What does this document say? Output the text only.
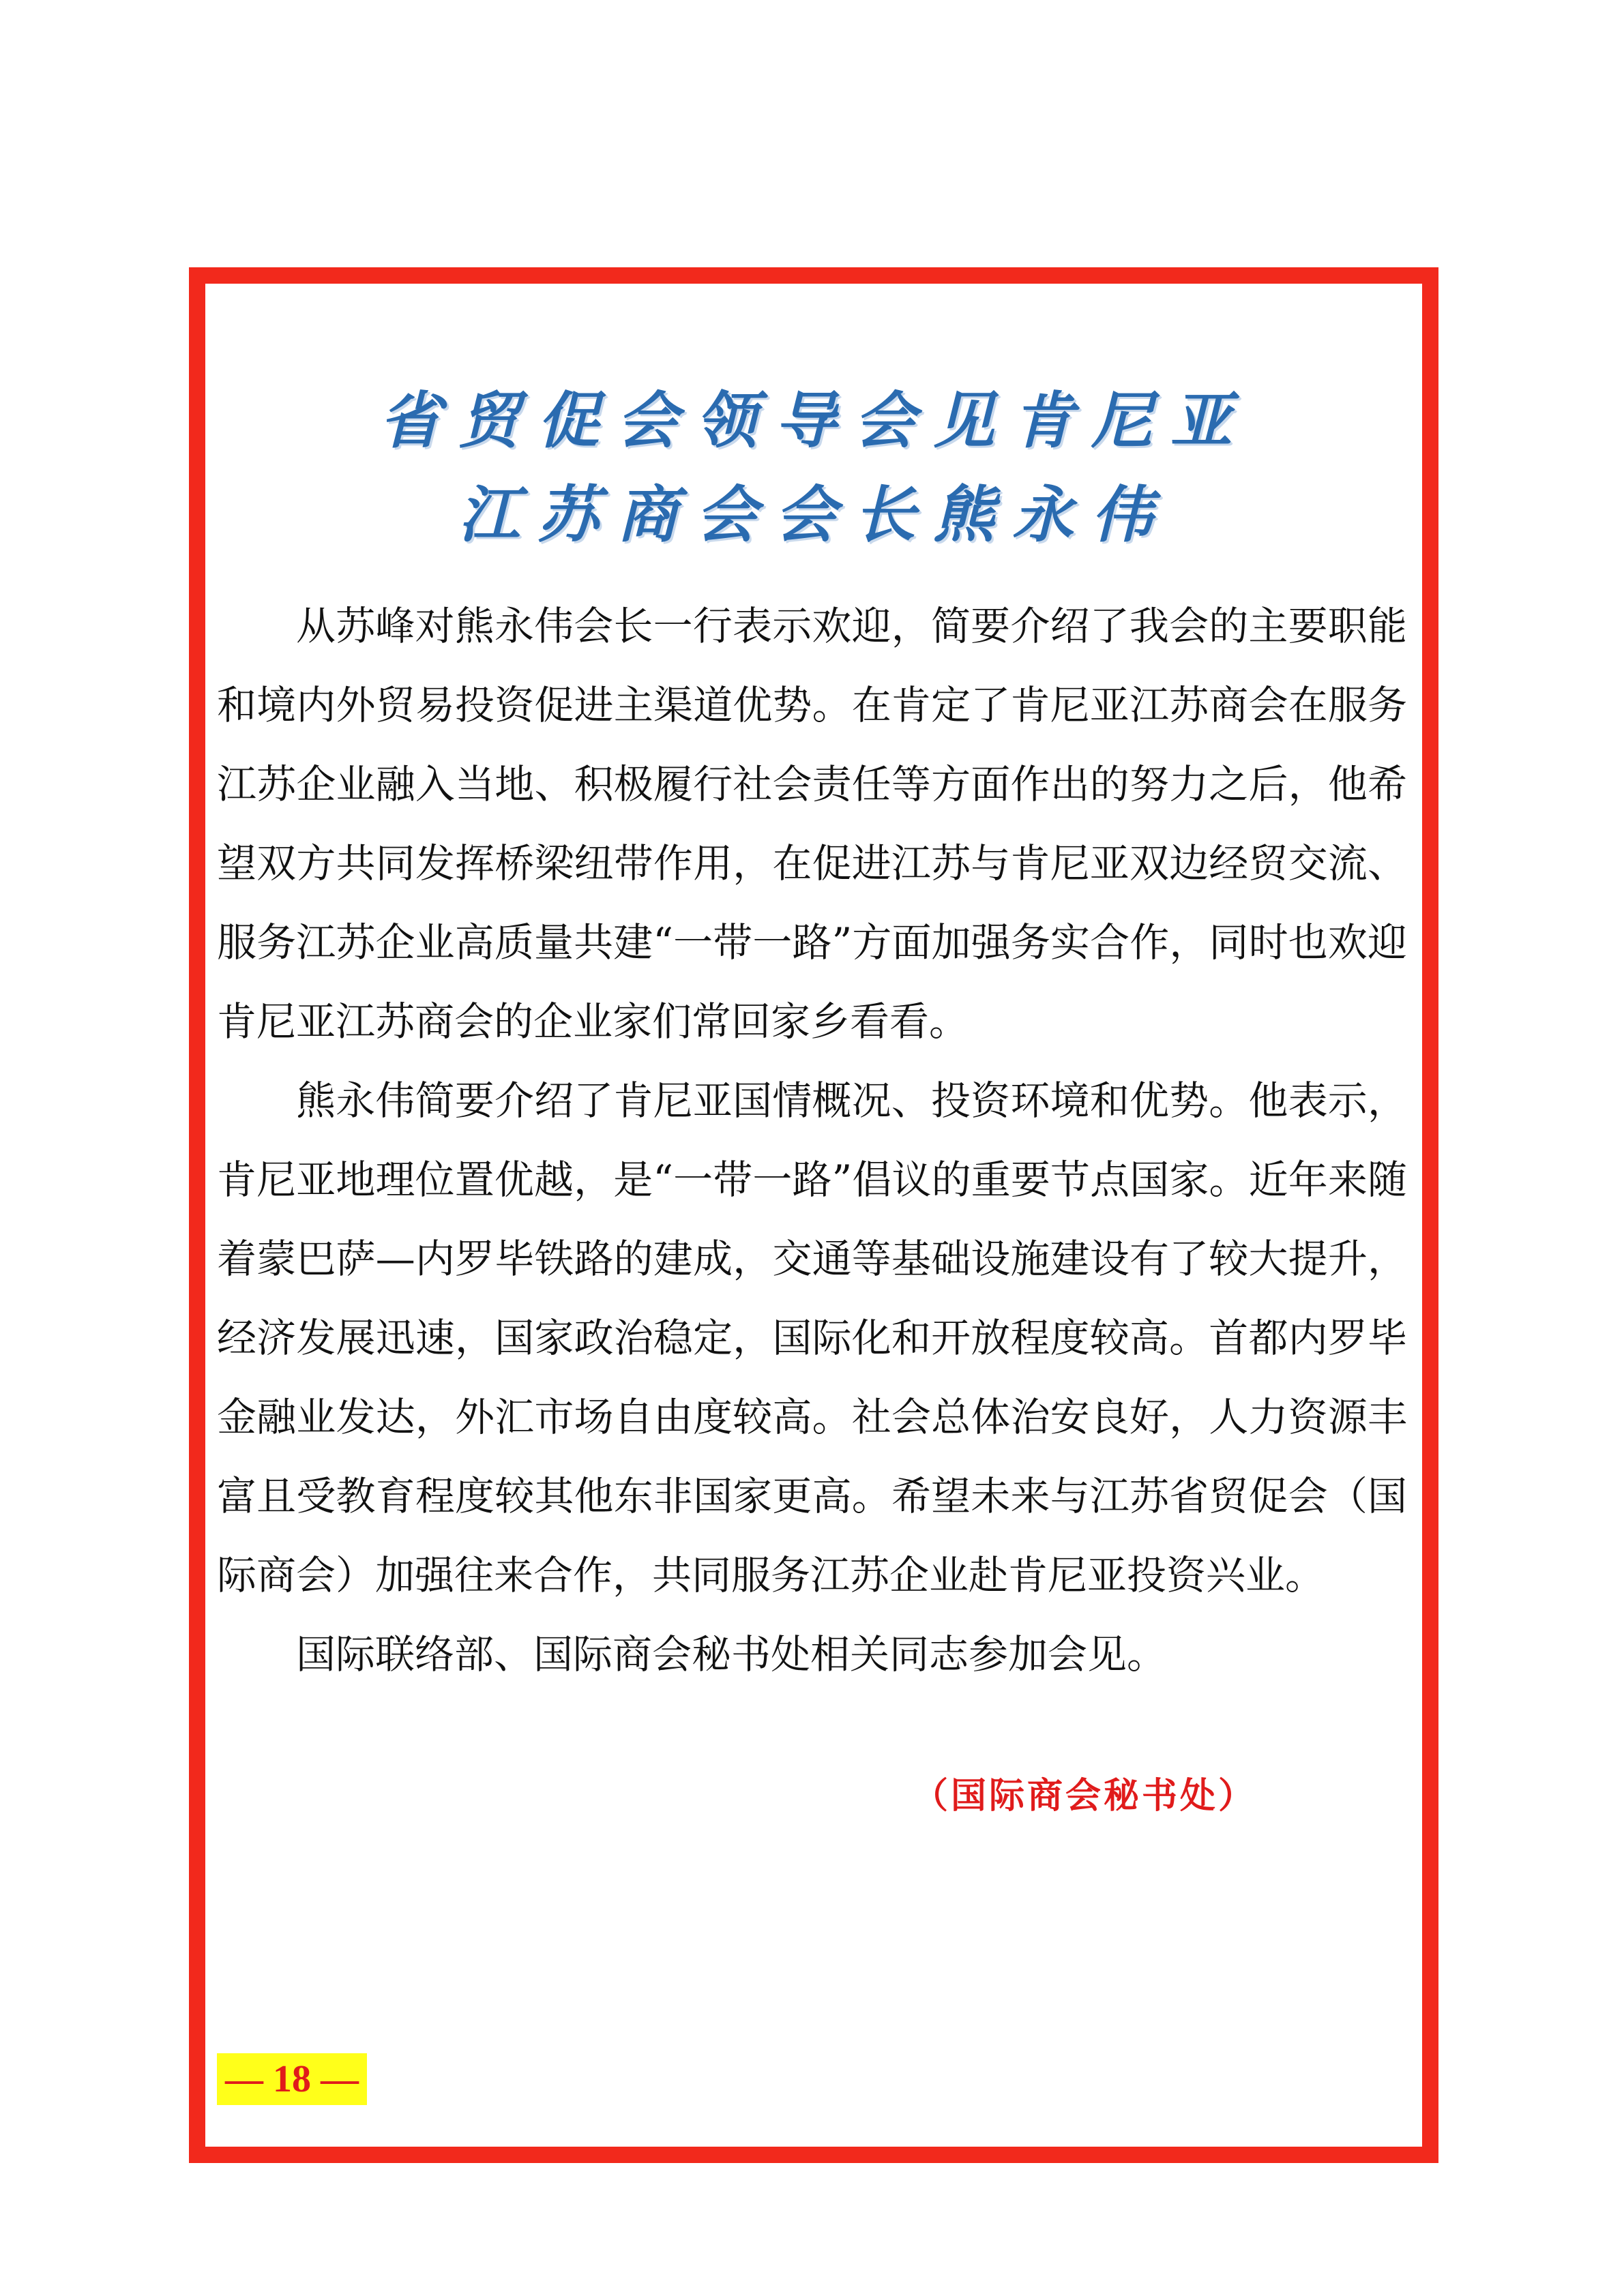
省贸促会领导会见肯尼亚
江苏商会会长熊永伟

从苏峰对熊永伟会长一行表示欢迎，简要介绍了我会的主要职能和境内外贸易投资促进主渠道优势。在肯定了肯尼亚江苏商会在服务江苏企业融入当地、积极履行社会责任等方面作出的努力之后，他希望双方共同发挥桥梁纽带作用，在促进江苏与肯尼亚双边经贸交流、服务江苏企业高质量共建“一带一路”方面加强务实合作，同时也欢迎肯尼亚江苏商会的企业家们常回家乡看看。

熊永伟简要介绍了肯尼亚国情概况、投资环境和优势。他表示，肯尼亚地理位置优越，是“一带一路”倡议的重要节点国家。近年来随着蒙巴萨—内罗毕铁路的建成，交通等基础设施建设有了较大提升，经济发展迅速，国家政治稳定，国际化和开放程度较高。首都内罗毕金融业发达，外汇市场自由度较高。社会总体治安良好，人力资源丰富且受教育程度较其他东非国家更高。希望未来与江苏省贸促会（国际商会）加强往来合作，共同服务江苏企业赴肯尼亚投资兴业。

国际联络部、国际商会秘书处相关同志参加会见。

（国际商会秘书处）
— 18 —
